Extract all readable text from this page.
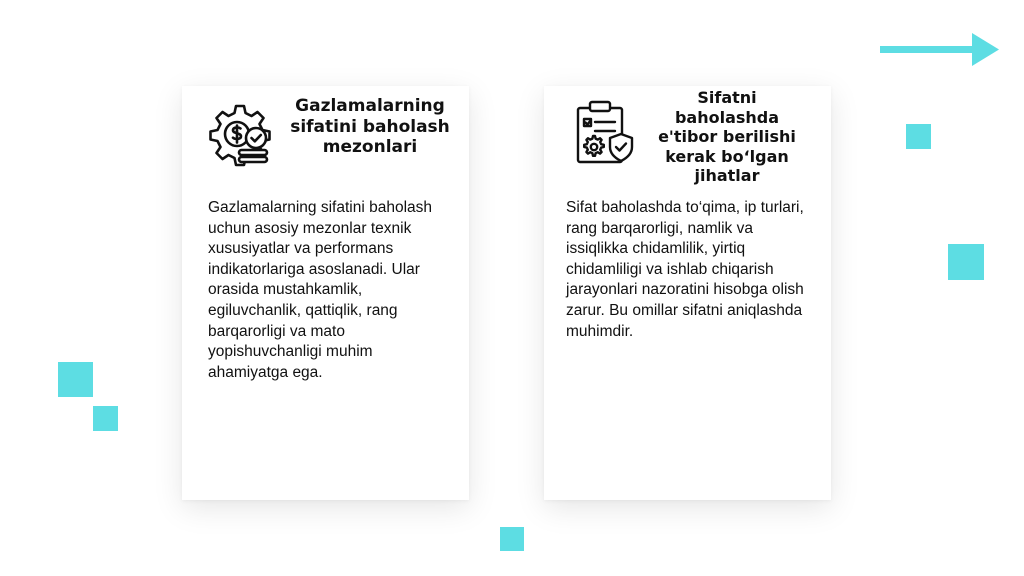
Gazlamalarning sifatini baholash mezonlari
Gazlamalarning sifatini baholash uchun asosiy mezonlar texnik xususiyatlar va performans indikatorlariga asoslanadi. Ular orasida mustahkamlik, egiluvchanlik, qattiqlik, rang barqarorligi va mato yopishuvchanligi muhim ahamiyatga ega.
Sifatni baholashda e'tibor berilishi kerak bo‘lgan jihatlar
Sifat baholashda to‘qima, ip turlari, rang barqarorligi, namlik va issiqlikka chidamlilik, yirtiq chidamliligi va ishlab chiqarish jarayonlari nazoratini hisobga olish zarur. Bu omillar sifatni aniqlashda muhimdir.
